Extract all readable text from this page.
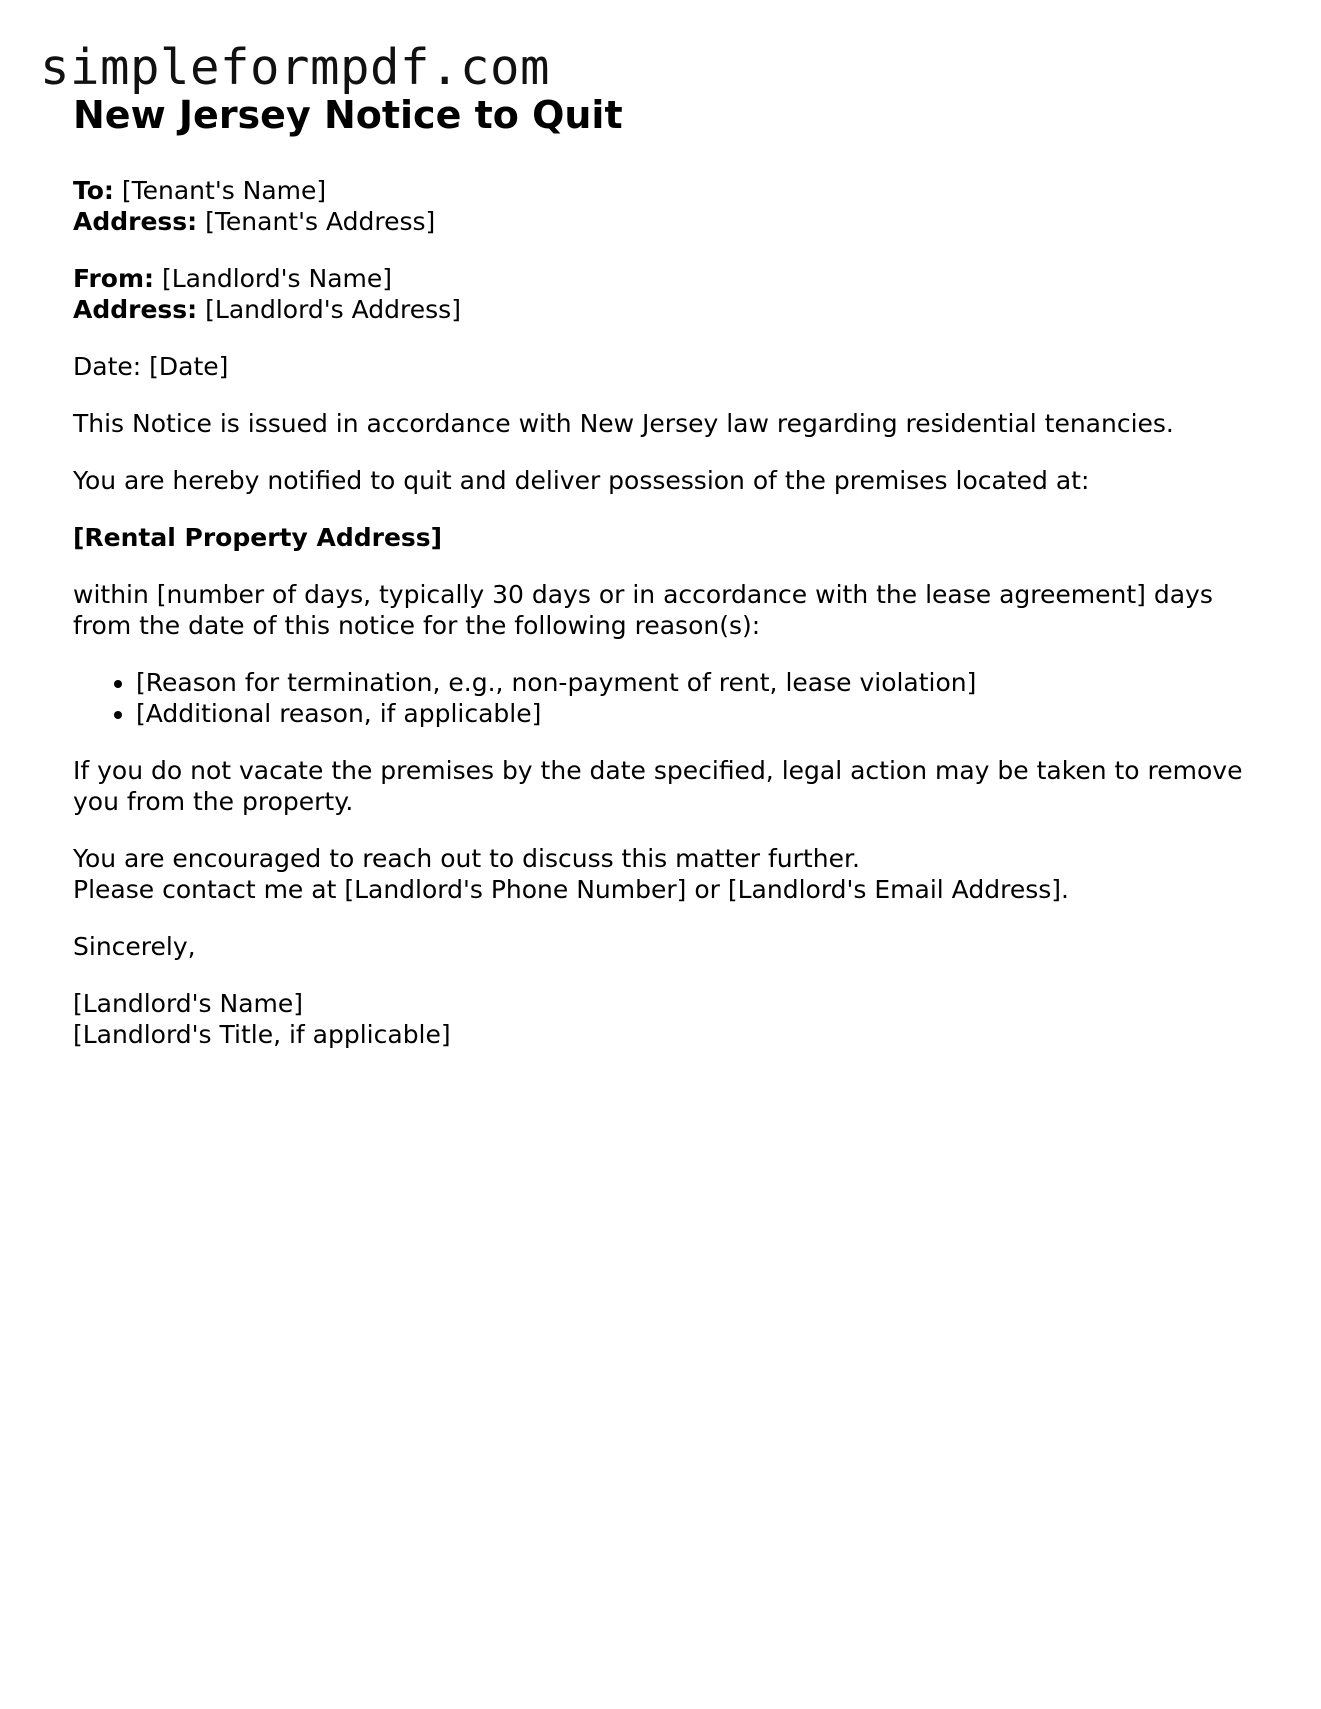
simpleformpdf.com
New Jersey Notice to Quit

To: [Tenant's Name]
Address: [Tenant's Address]

From: [Landlord's Name]
Address: [Landlord's Address]

Date: [Date]

This Notice is issued in accordance with New Jersey law regarding residential tenancies.

You are hereby notified to quit and deliver possession of the premises located at:

[Rental Property Address]

within [number of days, typically 30 days or in accordance with the lease agreement] days from the date of this notice for the following reason(s):

• [Reason for termination, e.g., non-payment of rent, lease violation]
• [Additional reason, if applicable]

If you do not vacate the premises by the date specified, legal action may be taken to remove you from the property.

You are encouraged to reach out to discuss this matter further.
Please contact me at [Landlord's Phone Number] or [Landlord's Email Address].

Sincerely,

[Landlord's Name]
[Landlord's Title, if applicable]
